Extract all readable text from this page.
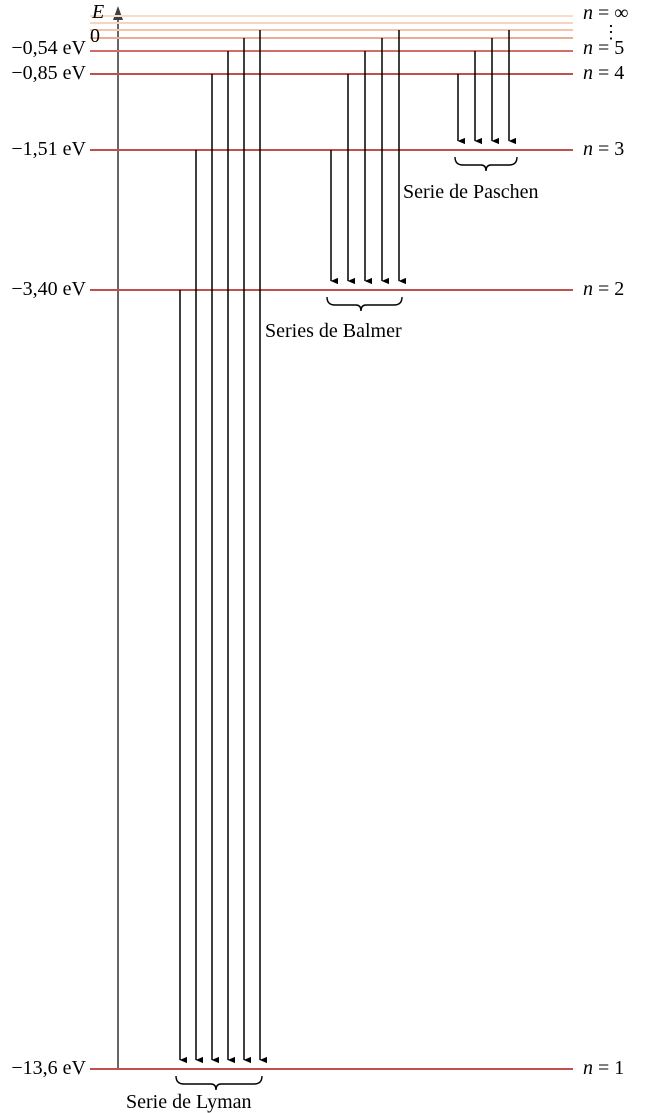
E
0
−0,54 eV
−0,85 eV
−1,51 eV
−3,40 eV
−13,6 eV
n = ∞
n = 5
n = 4
n = 3
n = 2
n = 1
⋮
Serie de Paschen
Series de Balmer
Serie de Lyman
